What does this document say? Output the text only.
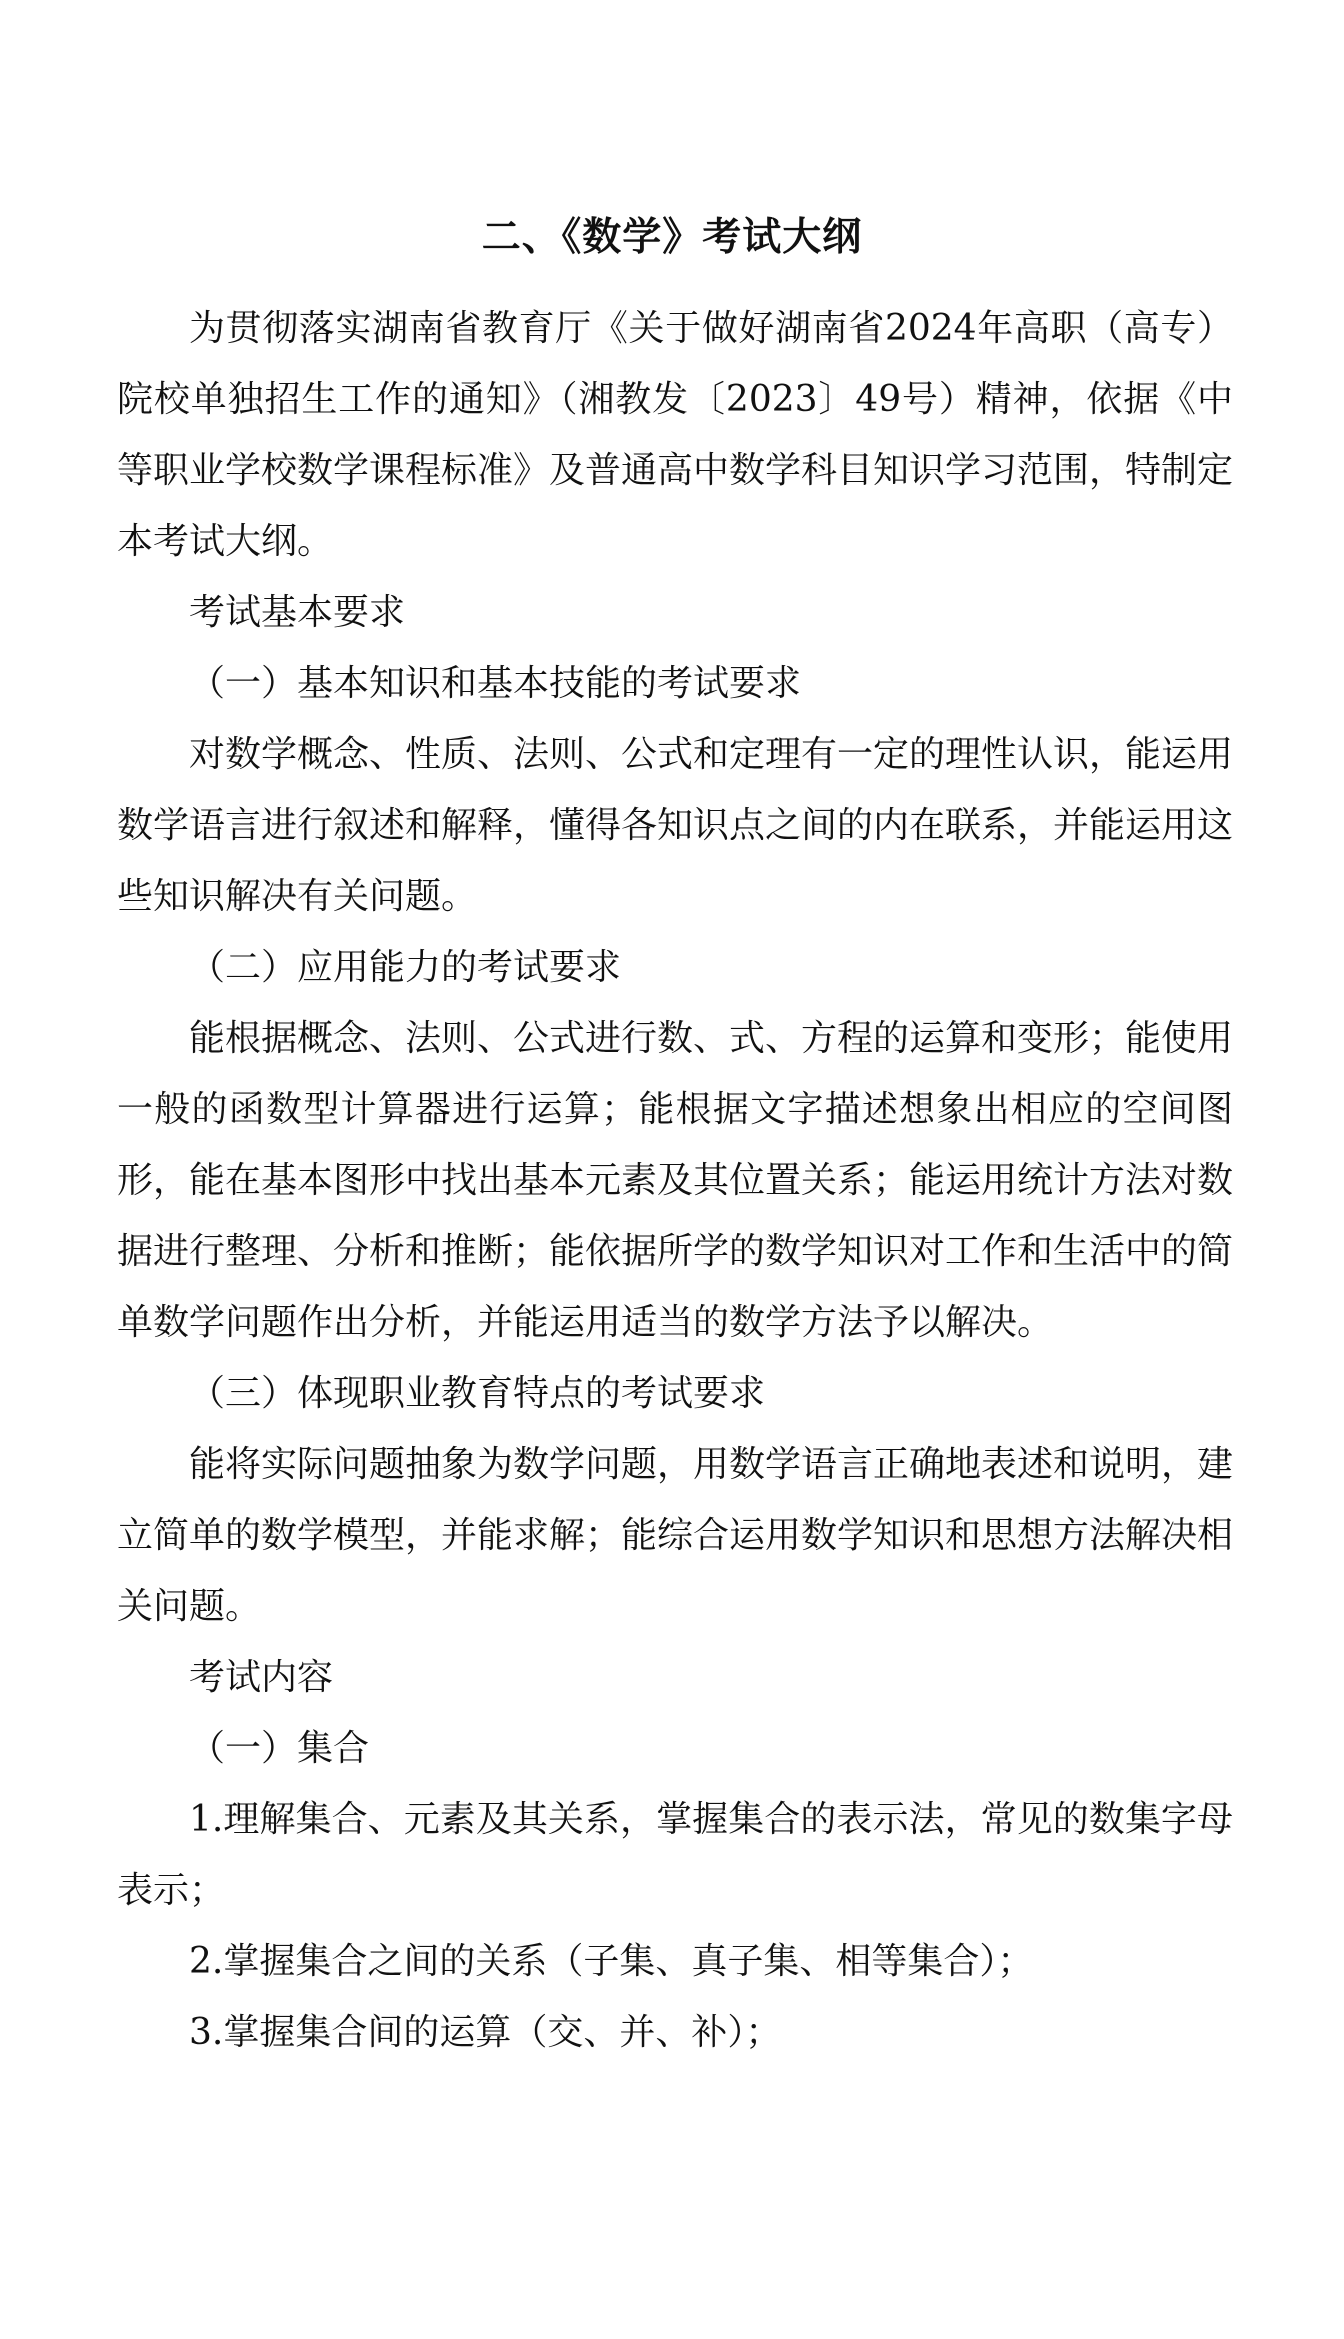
二、《数学》考试大纲

为贯彻落实湖南省教育厅《关于做好湖南省2024年高职（高专）院校单独招生工作的通知》（湘教发〔2023〕49号）精神，依据《中等职业学校数学课程标准》及普通高中数学科目知识学习范围，特制定本考试大纲。

考试基本要求

（一）基本知识和基本技能的考试要求

对数学概念、性质、法则、公式和定理有一定的理性认识，能运用数学语言进行叙述和解释，懂得各知识点之间的内在联系，并能运用这些知识解决有关问题。

（二）应用能力的考试要求

能根据概念、法则、公式进行数、式、方程的运算和变形；能使用一般的函数型计算器进行运算；能根据文字描述想象出相应的空间图形，能在基本图形中找出基本元素及其位置关系；能运用统计方法对数据进行整理、分析和推断；能依据所学的数学知识对工作和生活中的简单数学问题作出分析，并能运用适当的数学方法予以解决。

（三）体现职业教育特点的考试要求

能将实际问题抽象为数学问题，用数学语言正确地表述和说明，建立简单的数学模型，并能求解；能综合运用数学知识和思想方法解决相关问题。

考试内容

（一）集合

1.理解集合、元素及其关系，掌握集合的表示法，常见的数集字母表示；

2.掌握集合之间的关系（子集、真子集、相等集合）；

3.掌握集合间的运算（交、并、补）；
